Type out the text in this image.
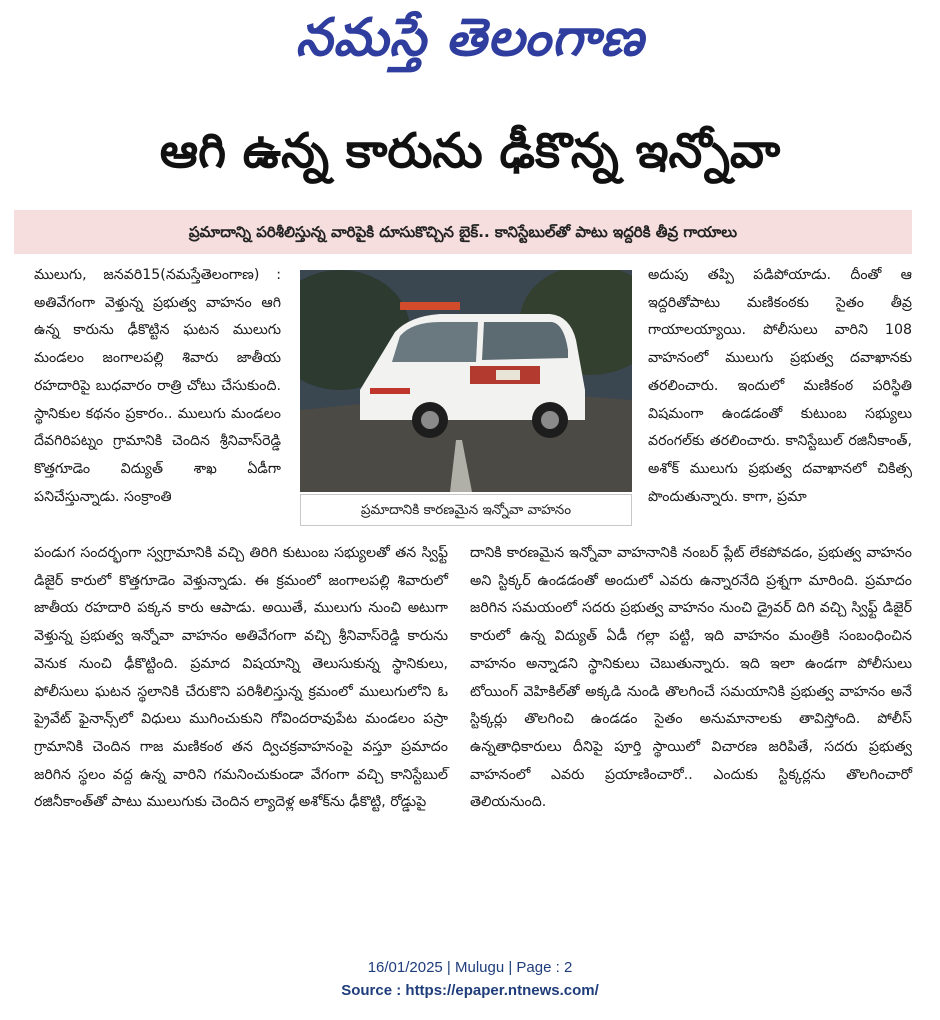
నమస్తే తెలంగాణ
ఆగి ఉన్న కారును ఢీకొన్న ఇన్నోవా
ప్రమాదాన్ని పరిశీలిస్తున్న వారిపైకి దూసుకొచ్చిన బైక్.. కానిస్టేబుల్‌తో పాటు ఇద్దరికి తీవ్ర గాయాలు

ములుగు, జనవరి15(నమస్తేతెలంగాణ) : అతివేగంగా వెళ్తున్న ప్రభుత్వ వాహనం ఆగి ఉన్న కారును ఢీకొట్టిన ఘటన ములుగు మండలం జంగాలపల్లి శివారు జాతీయ రహదారిపై బుధవారం రాత్రి చోటు చేసుకుంది. స్థానికుల కథనం ప్రకారం.. ములుగు మండలం దేవగిరిపట్నం గ్రామానికి చెందిన శ్రీనివాస్‌రెడ్డి కొత్తగూడెం విద్యుత్ శాఖ ఏడీగా పనిచేస్తున్నాడు. సంక్రాంతి

ప్రమాదానికి కారణమైన ఇన్నోవా వాహనం

అదుపు తప్పి పడిపోయాడు. దీంతో ఆ ఇద్దరితోపాటు మణికంఠకు సైతం తీవ్ర గాయాలయ్యాయి. పోలీసులు వారిని 108 వాహనంలో ములుగు ప్రభుత్వ దవాఖానకు తరలించారు. ఇందులో మణికంఠ పరిస్థితి విషమంగా ఉండడంతో కుటుంబ సభ్యులు వరంగల్‌కు తరలించారు. కానిస్టేబుల్ రజినీకాంత్, అశోక్ ములుగు ప్రభుత్వ దవాఖానలో చికిత్స పొందుతున్నారు. కాగా, ప్రమా

పండుగ సందర్భంగా స్వగ్రామానికి వచ్చి తిరిగి కుటుంబ సభ్యులతో తన స్విఫ్ట్ డిజైర్ కారులో కొత్తగూడెం వెళ్తున్నాడు. ఈ క్రమంలో జంగాలపల్లి శివారులో జాతీయ రహదారి పక్కన కారు ఆపాడు. అయితే, ములుగు నుంచి అటుగా వెళ్తున్న ప్రభుత్వ ఇన్నోవా వాహనం అతివేగంగా వచ్చి శ్రీనివాస్‌రెడ్డి కారును వెనుక నుంచి ఢీకొట్టింది. ప్రమాద విషయాన్ని తెలుసుకున్న స్థానికులు, పోలీసులు ఘటన స్థలానికి చేరుకొని పరిశీలిస్తున్న క్రమంలో ములుగులోని ఓ ప్రైవేట్ ఫైనాన్స్‌లో విధులు ముగించుకుని గోవిందరావుపేట మండలం పస్రా గ్రామానికి చెందిన గాజ మణికంఠ తన ద్విచక్రవాహనంపై వస్తూ ప్రమాదం జరిగిన స్థలం వద్ద ఉన్న వారిని గమనించుకుండా వేగంగా వచ్చి కానిస్టేబుల్ రజినీకాంత్‌తో పాటు ములుగుకు చెందిన ల్యాదెళ్ల అశోక్‌ను ఢీకొట్టి, రోడ్డుపై

దానికి కారణమైన ఇన్నోవా వాహనానికి నంబర్ ప్లేట్ లేకపోవడం, ప్రభుత్వ వాహనం అని స్టిక్కర్ ఉండడంతో అందులో ఎవరు ఉన్నారనేది ప్రశ్నగా మారింది. ప్రమాదం జరిగిన సమయంలో సదరు ప్రభుత్వ వాహనం నుంచి డ్రైవర్ దిగి వచ్చి స్విఫ్ట్ డిజైర్ కారులో ఉన్న విద్యుత్ ఏడీ గల్లా పట్టి, ఇది వాహనం మంత్రికి సంబంధించిన వాహనం అన్నాడని స్థానికులు చెబుతున్నారు. ఇది ఇలా ఉండగా పోలీసులు టోయింగ్ వెహికిల్‌తో అక్కడి నుండి తొలగించే సమయానికి ప్రభుత్వ వాహనం అనే స్టిక్కర్లు తొలగించి ఉండడం సైతం అనుమానాలకు తావిస్తోంది. పోలీస్ ఉన్నతాధికారులు దీనిపై పూర్తి స్థాయిలో విచారణ జరిపితే, సదరు ప్రభుత్వ వాహనంలో ఎవరు ప్రయాణించారో.. ఎందుకు స్టిక్కర్లను తొలగించారో తెలియనుంది.

16/01/2025 | Mulugu | Page : 2
Source : https://epaper.ntnews.com/
